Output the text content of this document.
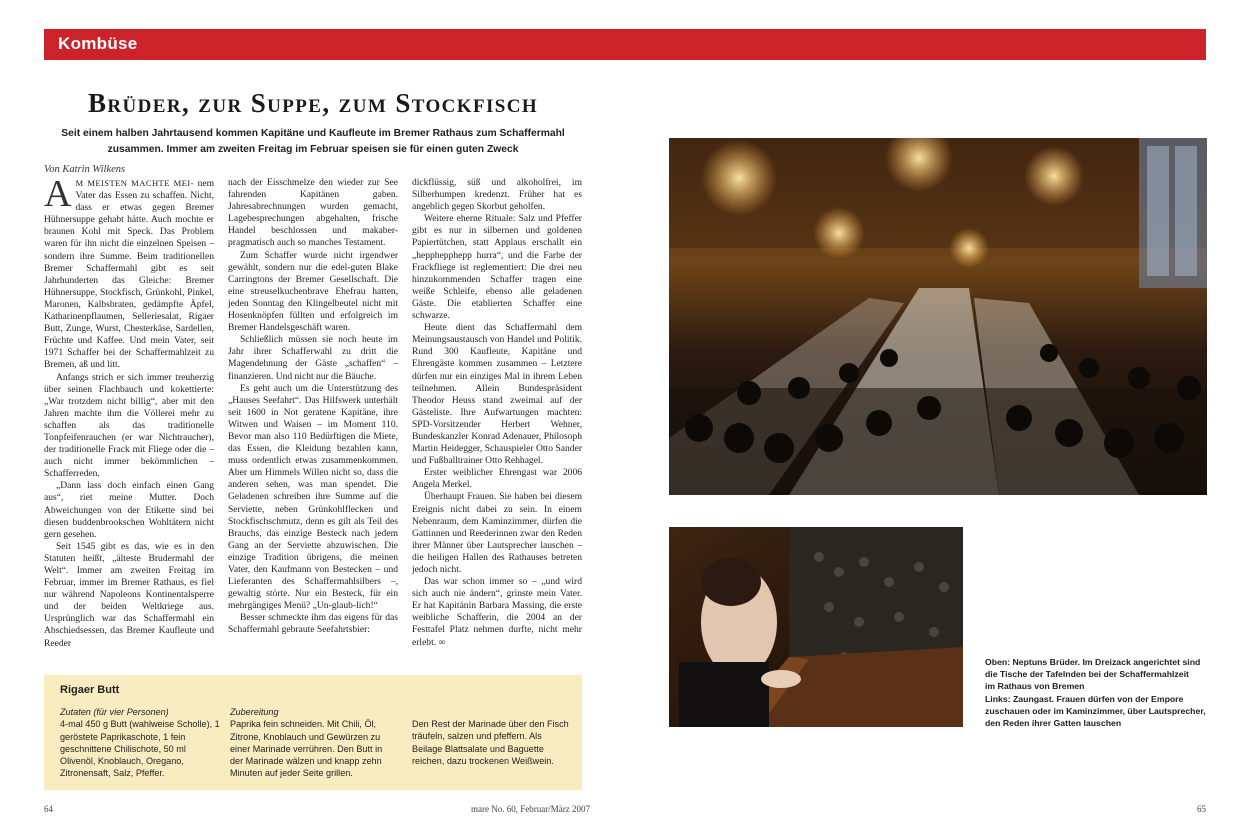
Kombüse
Brüder, zur Suppe, zum Stockfisch
Seit einem halben Jahrtausend kommen Kapitäne und Kaufleute im Bremer Rathaus zum Schaffermahl
zusammen. Immer am zweiten Freitag im Februar speisen sie für einen guten Zweck
Von Katrin Wilkens

AM MEISTEN MACHTE MEI- nem Vater das Essen zu schaffen. Nicht, dass er etwas gegen Bremer Hühnersuppe gehabt hätte. Auch mochte er braunen Kohl mit Speck. Das Problem waren für ihn nicht die einzelnen Speisen – sondern ihre Summe. Beim traditionellen Bremer Schaffermahl gibt es seit Jahrhunderten das Gleiche: Bremer Hühnersuppe, Stockfisch, Grünkohl, Pinkel, Maronen, Kalbsbraten, gedämpfte Äpfel, Katharinenpflaumen, Selleriesalat, Rigaer Butt, Zunge, Wurst, Chesterkäse, Sardellen, Früchte und Kaffee. Und mein Vater, seit 1971 Schaffer bei der Schaffermahlzeit zu Bremen, aß und litt.

Anfangs strich er sich immer treuherzig über seinen Flachbauch und kokettierte: „War trotzdem nicht billig“, aber mit den Jahren machte ihm die Völlerei mehr zu schaffen als das traditionelle Tonpfeifenrauchen (er war Nichtraucher), der traditionelle Frack mit Fliege oder die – auch nicht immer bekömmlichen – Schafferreden.

„Dann lass doch einfach einen Gang aus“, riet meine Mutter. Doch Abweichungen von der Etikette sind bei diesen buddenbrookschen Wohltätern nicht gern gesehen.

Seit 1545 gibt es das, wie es in den Statuten heißt, „älteste Brudermahl der Welt“. Immer am zweiten Freitag im Februar, immer im Bremer Rathaus, es fiel nur während Napoleons Kontinentalsperre und der beiden Weltkriege aus. Ursprünglich war das Schaffermahl ein Abschiedsessen, das Bremer Kaufleute und Reeder

nach der Eisschmelze den wieder zur See fahrenden Kapitänen gaben. Jahresabrechnungen wurden gemacht, Lagebesprechungen abgehalten, frische Handel beschlossen und makaber-pragmatisch auch so manches Testament.

Zum Schaffer wurde nicht irgendwer gewählt, sondern nur die edel-guten Blake Carringtons der Bremer Gesellschaft. Die eine streuselkuchenbrave Ehefrau hatten, jeden Sonntag den Klingelbeutel nicht mit Hosenknöpfen füllten und erfolgreich im Bremer Handelsgeschäft waren.

Schließlich müssen sie noch heute im Jahr ihrer Schafferwahl zu dritt die Magendehnung der Gäste „schaffen“ – finanzieren. Und nicht nur die Bäuche.

Es geht auch um die Unterstützung des „Hauses Seefahrt“. Das Hilfswerk unterhält seit 1600 in Not geratene Kapitäne, ihre Witwen und Waisen – im Moment 110. Bevor man also 110 Bedürftigen die Miete, das Essen, die Kleidung bezahlen kann, muss ordentlich etwas zusammenkommen. Aber um Himmels Willen nicht so, dass die anderen sehen, was man spendet. Die Geladenen schreiben ihre Summe auf die Serviette, neben Grünkohlflecken und Stockfischschmutz, denn es gilt als Teil des Brauchs, das einzige Besteck nach jedem Gang an der Serviette abzuwischen. Die einzige Tradition übrigens, die meinen Vater, den Kaufmann von Bestecken – und Lieferanten des Schaffermahlsilbers –, gewaltig störte. Nur ein Besteck, für ein mehrgängiges Menü? „Un-glaub-lich!“

Besser schmeckte ihm das eigens für das Schaffermahl gebraute Seefahrtsbier:

dickflüssig, süß und alkoholfrei, im Silberhumpen kredenzt. Früher hat es angeblich gegen Skorbut geholfen.

Weitere eherne Rituale: Salz und Pfeffer gibt es nur in silbernen und goldenen Papiertütchen, statt Applaus erschallt ein „hepphepphepp hurra“, und die Farbe der Frackfliege ist reglementiert: Die drei neu hinzukommenden Schaffer tragen eine weiße Schleife, ebenso alle geladenen Gäste. Die etablierten Schaffer eine schwarze.

Heute dient das Schaffermahl dem Meinungsaustausch von Handel und Politik. Rund 300 Kaufleute, Kapitäne und Ehrengäste kommen zusammen – Letztere dürfen nur ein einziges Mal in ihrem Leben teilnehmen. Allein Bundespräsident Theodor Heuss stand zweimal auf der Gästeliste. Ihre Aufwartungen machten: SPD-Vorsitzender Herbert Wehner, Bundeskanzler Konrad Adenauer, Philosoph Martin Heidegger, Schauspieler Otto Sander und Fußballtrainer Otto Rehhagel.

Erster weiblicher Ehrengast war 2006 Angela Merkel.

Überhaupt Frauen. Sie haben bei diesem Ereignis nicht dabei zu sein. In einem Nebenraum, dem Kaminzimmer, dürfen die Gattinnen und Reederinnen zwar den Reden ihrer Männer über Lautsprecher lauschen – die heiligen Hallen des Rathauses betreten jedoch nicht.

Das war schon immer so – „und wird sich auch nie ändern“, grinste mein Vater. Er hat Kapitänin Barbara Massing, die erste weibliche Schafferin, die 2004 an der Festtafel Platz nehmen durfte, nicht mehr erlebt. ∞

Rigaer Butt
Zutaten (für vier Personen)
4-mal 450 g Butt (wahlweise Scholle), 1 geröstete Paprikaschote, 1 fein geschnittene Chilischote, 50 ml Olivenöl, Knoblauch, Oregano, Zitronensaft, Salz, Pfeffer.
Zubereitung
Paprika fein schneiden. Mit Chili, Öl, Zitrone, Knoblauch und Gewürzen zu einer Marinade verrühren. Den Butt in der Marinade wälzen und knapp zehn Minuten auf jeder Seite grillen.
Den Rest der Marinade über den Fisch träufeln, salzen und pfeffern. Als Beilage Blattsalate und Baguette reichen, dazu trockenen Weißwein.
Oben: Neptuns Brüder. Im Dreizack angerichtet sind
die Tische der Tafelnden bei der Schaffermahlzeit
im Rathaus von Bremen
Links: Zaungast. Frauen dürfen von der Empore
zuschauen oder im Kaminzimmer, über Lautsprecher,
den Reden ihrer Gatten lauschen
64	mare No. 60, Februar/März 2007	65
